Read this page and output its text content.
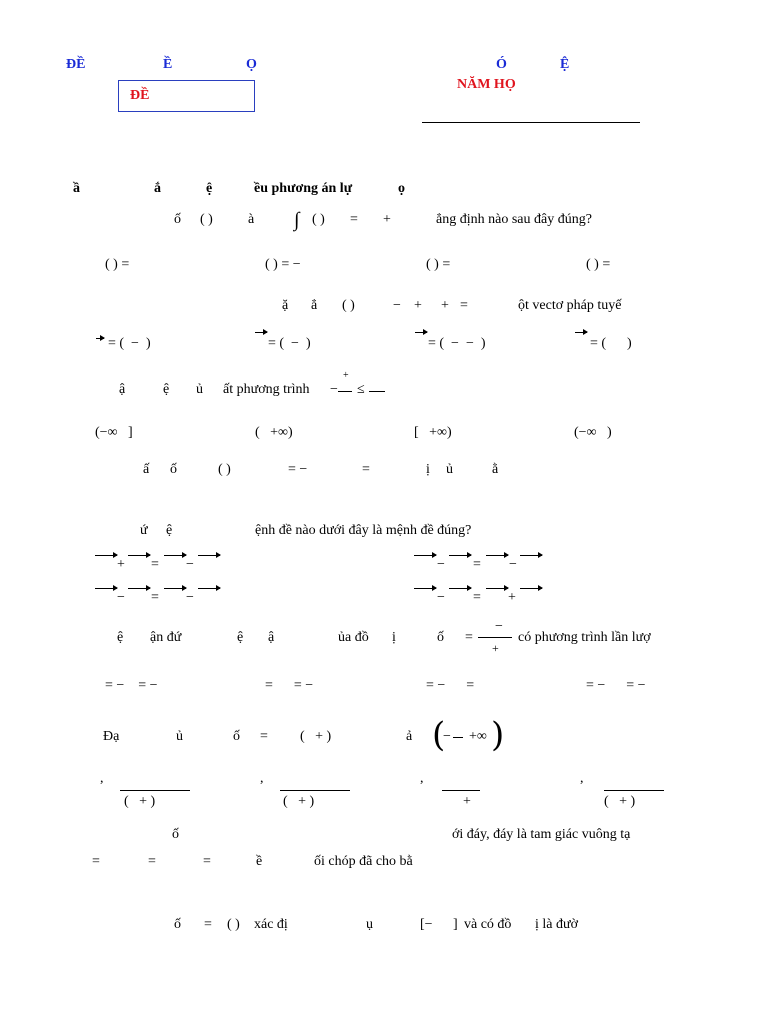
ĐỀ	Ề	Ọ	Ó	Ệ
ĐỀ
NĂM HỌ
ầ	ắ	ệ	ều phương án lự	ọ
ố ( )	à ∫ ( ) = +	ẳng định nào sau đây đúng?
( ) =	( ) = −	( ) =	( ) =
ặ ẳ ( )	− + + =	ột vectơ pháp tuyế
= (  −  )	= (  −  )	= (  −  −  )	= (      )
ậ	ệ ủ ất phương trình −
+
≤
(−∞   ]	(   +∞)	[   +∞)	(−∞   )
ấ ố	( )	= −	=	ị ủ	ằ
ứ ệ	ệnh đề nào dưới đây là mệnh đề đúng?
+ = −	− = −
− = −	− = +
ệ ận đứ	ệ ậ	ủa đồ ị	ố =
−
+
có phương trình lần lượ
= −    = −	=      = −	= −      =	= −      = −
Đạ	ủ	ố = (   + )	ả (
− +∞ )
,
(   + )
,
(   + )
,
+
,
(   + )
ố	ới đáy, đáy là tam giác vuông tạ
=	=	=	ề	ối chóp đã cho bằ
ố = ( ) xác đị	ụ	[− ] và có đồ ị là đườ
